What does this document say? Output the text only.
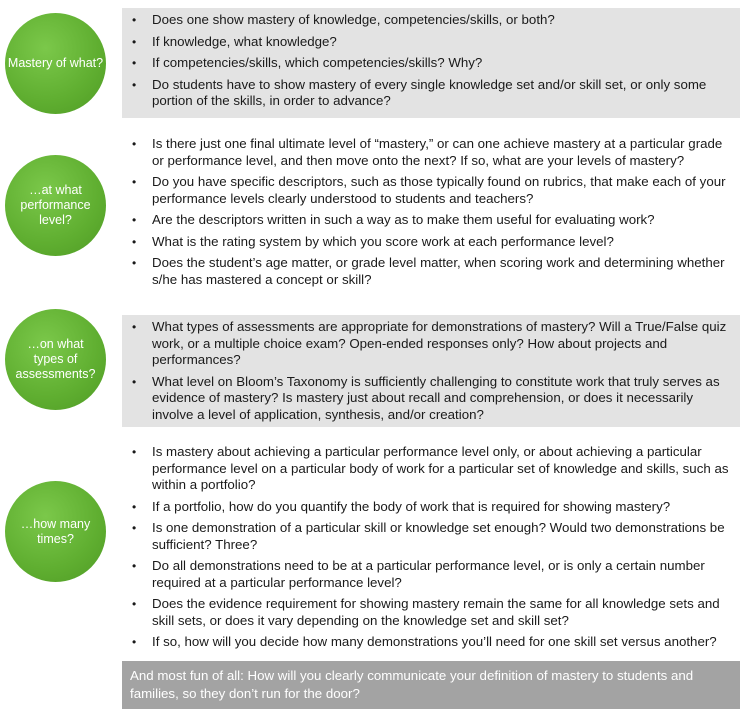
Mastery of what?
• Does one show mastery of knowledge, competencies/skills, or both?
• If knowledge, what knowledge?
• If competencies/skills, which competencies/skills? Why?
• Do students have to show mastery of every single knowledge set and/or skill set, or only some portion of the skills, in order to advance?
…at what
performance
level?
• Is there just one final ultimate level of “mastery,” or can one achieve mastery at a particular grade or performance level, and then move onto the next? If so, what are your levels of mastery?
• Do you have specific descriptors, such as those typically found on rubrics, that make each of your performance levels clearly understood to students and teachers?
• Are the descriptors written in such a way as to make them useful for evaluating work?
• What is the rating system by which you score work at each performance level?
• Does the student’s age matter, or grade level matter, when scoring work and determining whether s/he has mastered a concept or skill?
…on what
types of
assessments?
• What types of assessments are appropriate for demonstrations of mastery? Will a True/False quiz work, or a multiple choice exam? Open-ended responses only? How about projects and performances?
• What level on Bloom’s Taxonomy is sufficiently challenging to constitute work that truly serves as evidence of mastery? Is mastery just about recall and comprehension, or does it necessarily involve a level of application, synthesis, and/or creation?
…how many
times?
• Is mastery about achieving a particular performance level only, or about achieving a particular performance level on a particular body of work for a particular set of knowledge and skills, such as within a portfolio?
• If a portfolio, how do you quantify the body of work that is required for showing mastery?
• Is one demonstration of a particular skill or knowledge set enough? Would two demonstrations be sufficient? Three?
• Do all demonstrations need to be at a particular performance level, or is only a certain number required at a particular performance level?
• Does the evidence requirement for showing mastery remain the same for all knowledge sets and skill sets, or does it vary depending on the knowledge set and skill set?
• If so, how will you decide how many demonstrations you’ll need for one skill set versus another?
And most fun of all: How will you clearly communicate your definition of mastery to students and families, so they don’t run for the door?
